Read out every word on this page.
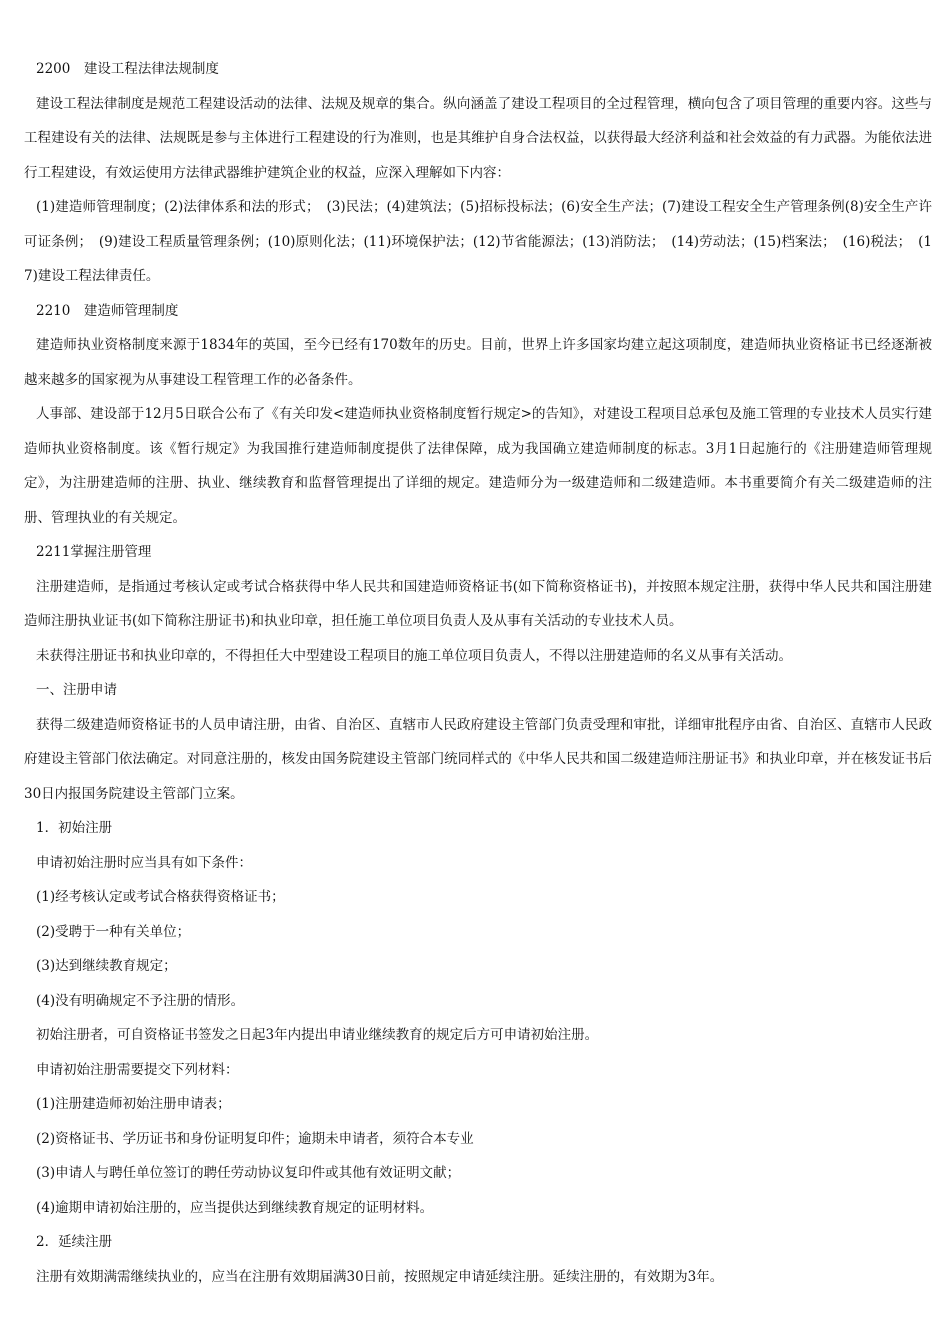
2200　建设工程法律法规制度

建设工程法律制度是规范工程建设活动的法律、法规及规章的集合。纵向涵盖了建设工程项目的全过程管理，横向包含了项目管理的重要内容。这些与工程建设有关的法律、法规既是参与主体进行工程建设的行为准则，也是其维护自身合法权益，以获得最大经济利益和社会效益的有力武器。为能依法进行工程建设，有效运使用方法律武器维护建筑企业的权益，应深入理解如下内容：

(1)建造师管理制度；(2)法律体系和法的形式；　(3)民法；(4)建筑法；(5)招标投标法；(6)安全生产法；(7)建设工程安全生产管理条例(8)安全生产许可证条例；　(9)建设工程质量管理条例；(10)原则化法；(11)环境保护法；(12)节省能源法；(13)消防法；　(14)劳动法；(15)档案法；　(16)税法；　(17)建设工程法律责任。

2210　建造师管理制度

建造师执业资格制度来源于1834年的英国，至今已经有170数年的历史。目前，世界上许多国家均建立起这项制度，建造师执业资格证书已经逐渐被越来越多的国家视为从事建设工程管理工作的必备条件。

人事部、建设部于12月5日联合公布了《有关印发<建造师执业资格制度暂行规定>的告知》，对建设工程项目总承包及施工管理的专业技术人员实行建造师执业资格制度。该《暂行规定》为我国推行建造师制度提供了法律保障，成为我国确立建造师制度的标志。3月1日起施行的《注册建造师管理规定》，为注册建造师的注册、执业、继续教育和监督管理提出了详细的规定。建造师分为一级建造师和二级建造师。本书重要简介有关二级建造师的注册、管理执业的有关规定。

2211掌握注册管理

注册建造师，是指通过考核认定或考试合格获得中华人民共和国建造师资格证书(如下简称资格证书)，并按照本规定注册，获得中华人民共和国注册建造师注册执业证书(如下简称注册证书)和执业印章，担任施工单位项目负责人及从事有关活动的专业技术人员。

未获得注册证书和执业印章的，不得担任大中型建设工程项目的施工单位项目负责人，不得以注册建造师的名义从事有关活动。

一、注册申请

获得二级建造师资格证书的人员申请注册，由省、自治区、直辖市人民政府建设主管部门负责受理和审批，详细审批程序由省、自治区、直辖市人民政府建设主管部门依法确定。对同意注册的，核发由国务院建设主管部门统同样式的《中华人民共和国二级建造师注册证书》和执业印章，并在核发证书后30日内报国务院建设主管部门立案。

1．初始注册

申请初始注册时应当具有如下条件：

(1)经考核认定或考试合格获得资格证书；

(2)受聘于一种有关单位；

(3)达到继续教育规定；

(4)没有明确规定不予注册的情形。

初始注册者，可自资格证书签发之日起3年内提出申请业继续教育的规定后方可申请初始注册。

申请初始注册需要提交下列材料：

(1)注册建造师初始注册申请表；

(2)资格证书、学历证书和身份证明复印件；逾期未申请者，须符合本专业

(3)申请人与聘任单位签订的聘任劳动协议复印件或其他有效证明文献；

(4)逾期申请初始注册的，应当提供达到继续教育规定的证明材料。

2．延续注册

注册有效期满需继续执业的，应当在注册有效期届满30日前，按照规定申请延续注册。延续注册的，有效期为3年。
